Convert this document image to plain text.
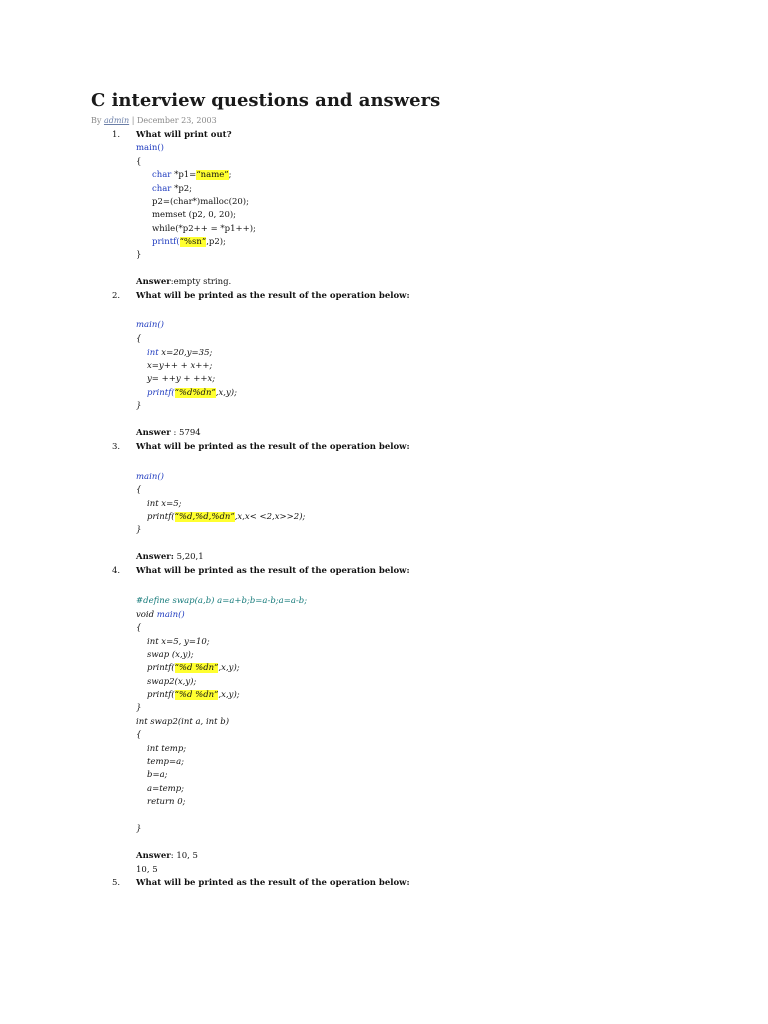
C interview questions and answers
By admin | December 23, 2003
1. What will print out?
main()
{
char *p1=“name”;
char *p2;
p2=(char*)malloc(20);
memset (p2, 0, 20);
while(*p2++ = *p1++);
printf(“%sn”,p2);
}
Answer:empty string.
2. What will be printed as the result of the operation below:
main()
{
int x=20,y=35;
x=y++ + x++;
y= ++y + ++x;
printf(“%d%dn”,x,y);
}
Answer : 5794
3. What will be printed as the result of the operation below:
main()
{
int x=5;
printf(“%d,%d,%dn”,x,x< <2,x>>2);
}
Answer: 5,20,1
4. What will be printed as the result of the operation below:
#define swap(a,b) a=a+b;b=a-b;a=a-b;
void main()
{
int x=5, y=10;
swap (x,y);
printf(“%d %dn”,x,y);
swap2(x,y);
printf(“%d %dn”,x,y);
}
int swap2(int a, int b)
{
int temp;
temp=a;
b=a;
a=temp;
return 0;
}
Answer: 10, 5
10, 5
5. What will be printed as the result of the operation below:
